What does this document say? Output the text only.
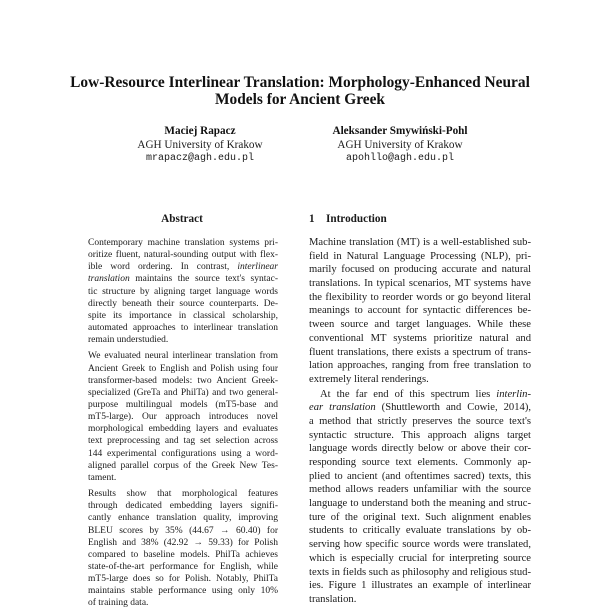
Low-Resource Interlinear Translation: Morphology-Enhanced Neural
Models for Ancient Greek
Maciej Rapacz
AGH University of Krakow
mrapacz@agh.edu.pl
Aleksander Smywiński-Pohl
AGH University of Krakow
apohllo@agh.edu.pl
Abstract
Contemporary machine translation systems pri-
oritize fluent, natural-sounding output with flex-
ible word ordering. In contrast, interlinear
translation maintains the source text's syntac-
tic structure by aligning target language words
directly beneath their source counterparts. De-
spite its importance in classical scholarship,
automated approaches to interlinear translation
remain understudied.
We evaluated neural interlinear translation from
Ancient Greek to English and Polish using four
transformer-based models: two Ancient Greek-
specialized (GreTa and PhilTa) and two general-
purpose multilingual models (mT5-base and
mT5-large). Our approach introduces novel
morphological embedding layers and evaluates
text preprocessing and tag set selection across
144 experimental configurations using a word-
aligned parallel corpus of the Greek New Tes-
tament.
Results show that morphological features
through dedicated embedding layers signifi-
cantly enhance translation quality, improving
BLEU scores by 35% (44.67 → 60.40) for
English and 38% (42.92 → 59.33) for Polish
compared to baseline models. PhilTa achieves
state-of-the-art performance for English, while
mT5-large does so for Polish. Notably, PhilTa
maintains stable performance using only 10%
of training data.
1 Introduction
Machine translation (MT) is a well-established sub-
field in Natural Language Processing (NLP), pri-
marily focused on producing accurate and natural
translations. In typical scenarios, MT systems have
the flexibility to reorder words or go beyond literal
meanings to account for syntactic differences be-
tween source and target languages. While these
conventional MT systems prioritize natural and
fluent translations, there exists a spectrum of trans-
lation approaches, ranging from free translation to
extremely literal renderings.
At the far end of this spectrum lies interlin-
ear translation (Shuttleworth and Cowie, 2014),
a method that strictly preserves the source text's
syntactic structure. This approach aligns target
language words directly below or above their cor-
responding source text elements. Commonly ap-
plied to ancient (and oftentimes sacred) texts, this
method allows readers unfamiliar with the source
language to understand both the meaning and struc-
ture of the original text. Such alignment enables
students to critically evaluate translations by ob-
serving how specific source words were translated,
which is especially crucial for interpreting source
texts in fields such as philosophy and religious stud-
ies. Figure 1 illustrates an example of interlinear
translation.
